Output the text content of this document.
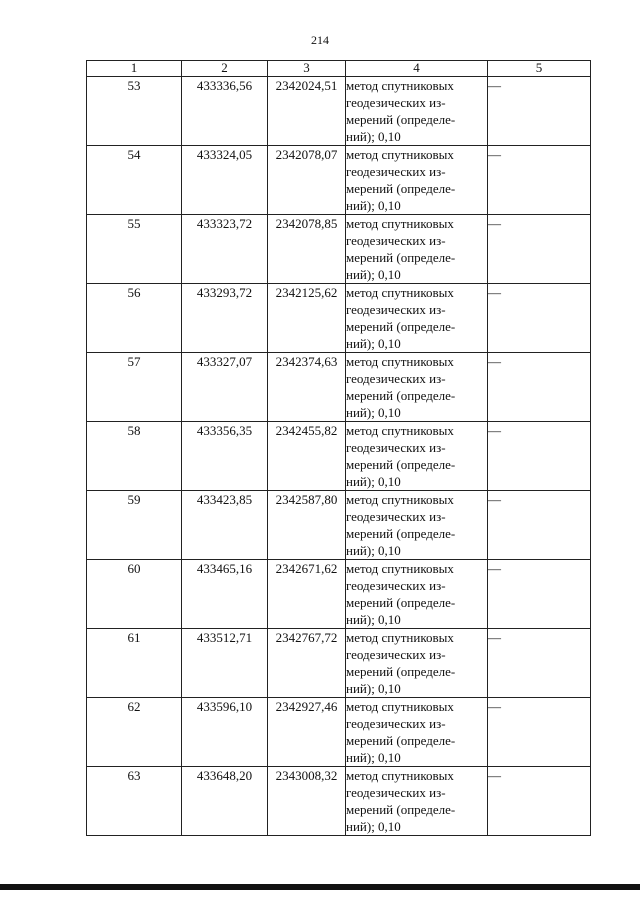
214
1	2	3	4	5
53	433336,56	2342024,51	метод спутниковых
геодезических из-
мерений (определе-
ний); 0,10	—
54	433324,05	2342078,07	метод спутниковых
геодезических из-
мерений (определе-
ний); 0,10	—
55	433323,72	2342078,85	метод спутниковых
геодезических из-
мерений (определе-
ний); 0,10	—
56	433293,72	2342125,62	метод спутниковых
геодезических из-
мерений (определе-
ний); 0,10	—
57	433327,07	2342374,63	метод спутниковых
геодезических из-
мерений (определе-
ний); 0,10	—
58	433356,35	2342455,82	метод спутниковых
геодезических из-
мерений (определе-
ний); 0,10	—
59	433423,85	2342587,80	метод спутниковых
геодезических из-
мерений (определе-
ний); 0,10	—
60	433465,16	2342671,62	метод спутниковых
геодезических из-
мерений (определе-
ний); 0,10	—
61	433512,71	2342767,72	метод спутниковых
геодезических из-
мерений (определе-
ний); 0,10	—
62	433596,10	2342927,46	метод спутниковых
геодезических из-
мерений (определе-
ний); 0,10	—
63	433648,20	2343008,32	метод спутниковых
геодезических из-
мерений (определе-
ний); 0,10	—
